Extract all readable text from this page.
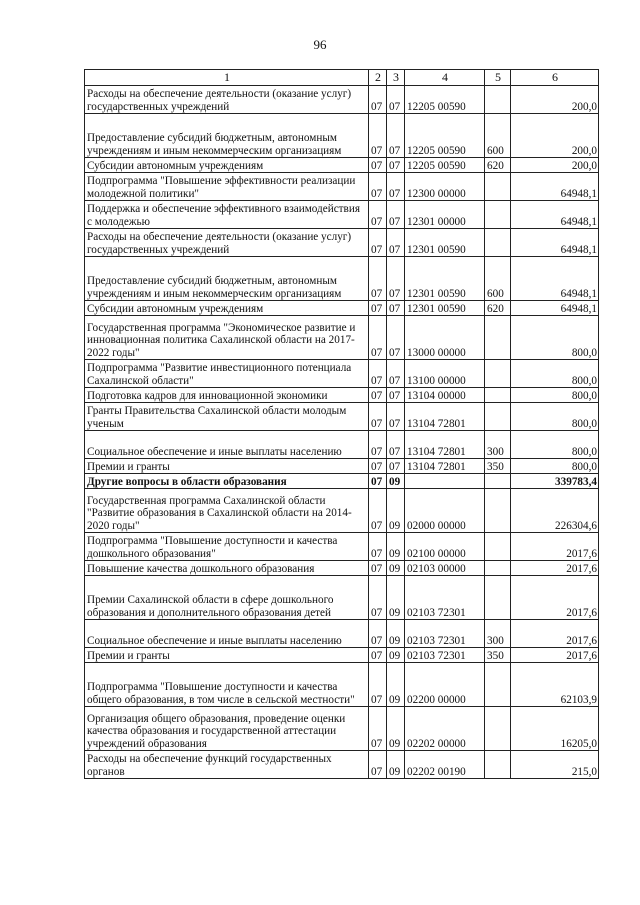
96
1	2	3	4	5	6
Расходы на обеспечение деятельности (оказание услуг) государственных учреждений	07	07	12205 00590		200,0
Предоставление субсидий бюджетным, автономным учреждениям и иным некоммерческим организациям	07	07	12205 00590	600	200,0
Субсидии автономным учреждениям	07	07	12205 00590	620	200,0
Подпрограмма "Повышение эффективности реализации молодежной политики"	07	07	12300 00000		64948,1
Поддержка и обеспечение эффективного взаимодействия с молодежью	07	07	12301 00000		64948,1
Расходы на обеспечение деятельности (оказание услуг) государственных учреждений	07	07	12301 00590		64948,1
Предоставление субсидий бюджетным, автономным учреждениям и иным некоммерческим организациям	07	07	12301 00590	600	64948,1
Субсидии автономным учреждениям	07	07	12301 00590	620	64948,1
Государственная программа "Экономическое развитие и инновационная политика Сахалинской области на 2017-2022 годы"	07	07	13000 00000		800,0
Подпрограмма "Развитие инвестиционного потенциала Сахалинской области"	07	07	13100 00000		800,0
Подготовка кадров для инновационной экономики	07	07	13104 00000		800,0
Гранты Правительства Сахалинской области молодым ученым	07	07	13104 72801		800,0
Социальное обеспечение и иные выплаты населению	07	07	13104 72801	300	800,0
Премии и гранты	07	07	13104 72801	350	800,0
Другие вопросы в области образования	07	09			339783,4
Государственная программа Сахалинской области "Развитие образования в Сахалинской области на 2014-2020 годы"	07	09	02000 00000		226304,6
Подпрограмма "Повышение доступности и качества дошкольного образования"	07	09	02100 00000		2017,6
Повышение качества дошкольного образования	07	09	02103 00000		2017,6
Премии Сахалинской области в сфере дошкольного образования и дополнительного образования детей	07	09	02103 72301		2017,6
Социальное обеспечение и иные выплаты населению	07	09	02103 72301	300	2017,6
Премии и гранты	07	09	02103 72301	350	2017,6
Подпрограмма "Повышение доступности и качества общего образования, в том числе в сельской местности"	07	09	02200 00000		62103,9
Организация общего образования, проведение оценки качества образования и государственной аттестации учреждений образования	07	09	02202 00000		16205,0
Расходы на обеспечение функций государственных органов	07	09	02202 00190		215,0
